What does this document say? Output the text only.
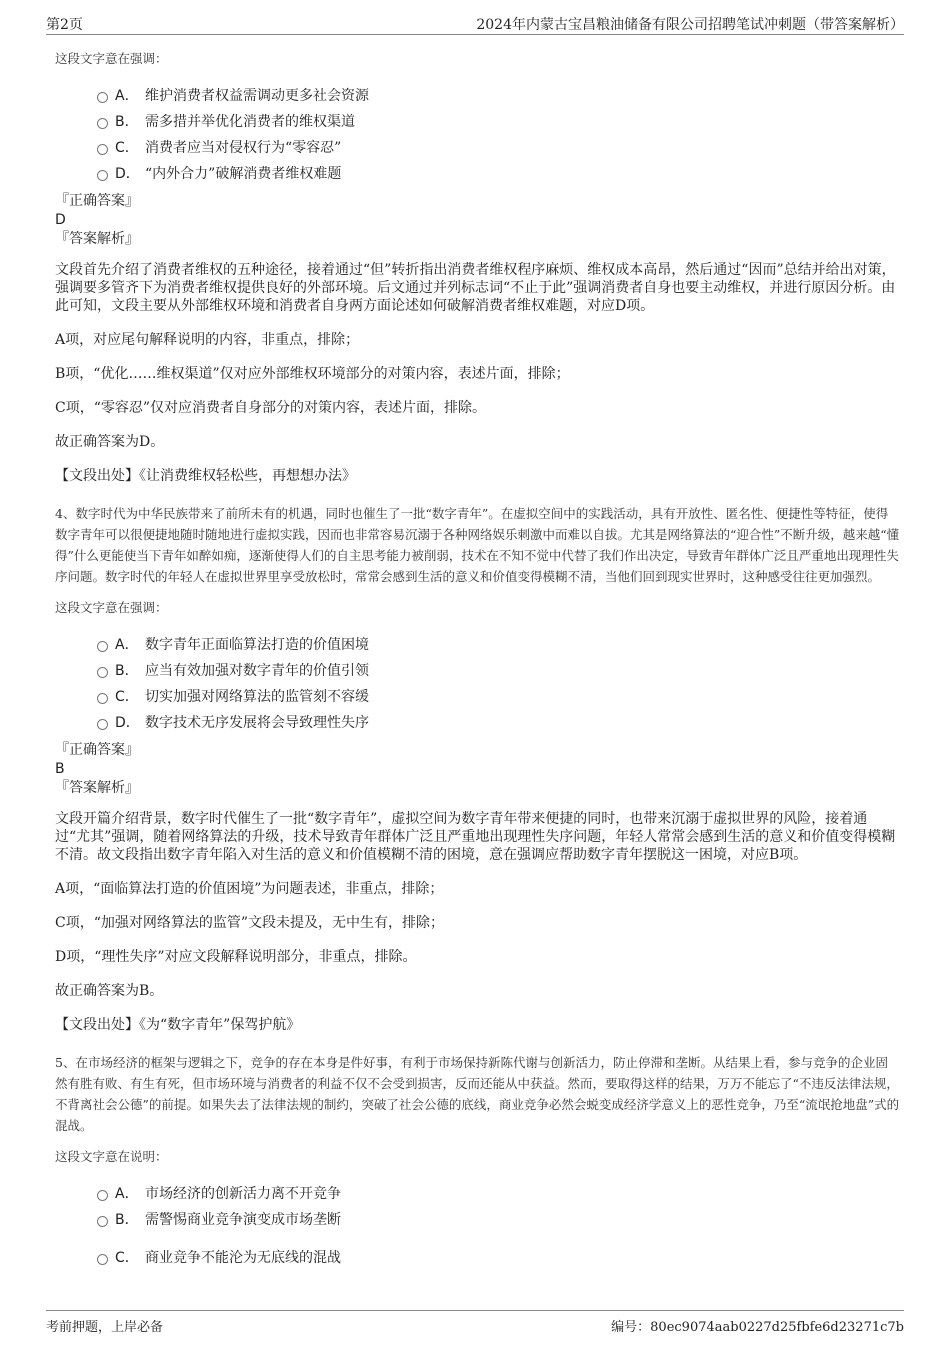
第2页	2024年内蒙古宝昌粮油储备有限公司招聘笔试冲刺题（带答案解析）
这段文字意在强调：
A． 维护消费者权益需调动更多社会资源
B． 需多措并举优化消费者的维权渠道
C． 消费者应当对侵权行为“零容忍”
D． “内外合力”破解消费者维权难题
『正确答案』
D
『答案解析』
文段首先介绍了消费者维权的五种途径，接着通过“但”转折指出消费者维权程序麻烦、维权成本高昂，然后通过“因而”总结并给出对策，强调要多管齐下为消费者维权提供良好的外部环境。后文通过并列标志词“不止于此”强调消费者自身也要主动维权，并进行原因分析。由此可知，文段主要从外部维权环境和消费者自身两方面论述如何破解消费者维权难题，对应D项。
A项，对应尾句解释说明的内容，非重点，排除；
B项，“优化……维权渠道”仅对应外部维权环境部分的对策内容，表述片面，排除；
C项，“零容忍”仅对应消费者自身部分的对策内容，表述片面，排除。
故正确答案为D。
【文段出处】《让消费维权轻松些，再想想办法》
4、数字时代为中华民族带来了前所未有的机遇，同时也催生了一批“数字青年”。在虚拟空间中的实践活动，具有开放性、匿名性、便捷性等特征，使得数字青年可以很便捷地随时随地进行虚拟实践，因而也非常容易沉溺于各种网络娱乐刺激中而难以自拔。尤其是网络算法的“迎合性”不断升级，越来越“懂得”什么更能使当下青年如醉如痴，逐渐使得人们的自主思考能力被削弱，技术在不知不觉中代替了我们作出决定，导致青年群体广泛且严重地出现理性失序问题。数字时代的年轻人在虚拟世界里享受放松时，常常会感到生活的意义和价值变得模糊不清，当他们回到现实世界时，这种感受往往更加强烈。
这段文字意在强调：
A． 数字青年正面临算法打造的价值困境
B． 应当有效加强对数字青年的价值引领
C． 切实加强对网络算法的监管刻不容缓
D． 数字技术无序发展将会导致理性失序
『正确答案』
B
『答案解析』
文段开篇介绍背景，数字时代催生了一批“数字青年”，虚拟空间为数字青年带来便捷的同时，也带来沉溺于虚拟世界的风险，接着通过“尤其”强调，随着网络算法的升级，技术导致青年群体广泛且严重地出现理性失序问题，年轻人常常会感到生活的意义和价值变得模糊不清。故文段指出数字青年陷入对生活的意义和价值模糊不清的困境，意在强调应帮助数字青年摆脱这一困境，对应B项。
A项，“面临算法打造的价值困境”为问题表述，非重点，排除；
C项，“加强对网络算法的监管”文段未提及，无中生有，排除；
D项，“理性失序”对应文段解释说明部分，非重点，排除。
故正确答案为B。
【文段出处】《为“数字青年”保驾护航》
5、在市场经济的框架与逻辑之下，竞争的存在本身是件好事，有利于市场保持新陈代谢与创新活力，防止停滞和垄断。从结果上看，参与竞争的企业固然有胜有败、有生有死，但市场环境与消费者的利益不仅不会受到损害，反而还能从中获益。然而，要取得这样的结果，万万不能忘了“不违反法律法规，不背离社会公德”的前提。如果失去了法律法规的制约，突破了社会公德的底线，商业竞争必然会蜕变成经济学意义上的恶性竞争，乃至“流氓抢地盘”式的混战。
这段文字意在说明：
A． 市场经济的创新活力离不开竞争
B． 需警惕商业竞争演变成市场垄断
C． 商业竞争不能沦为无底线的混战
考前押题，上岸必备	编号：80ec9074aab0227d25fbfe6d23271c7b
